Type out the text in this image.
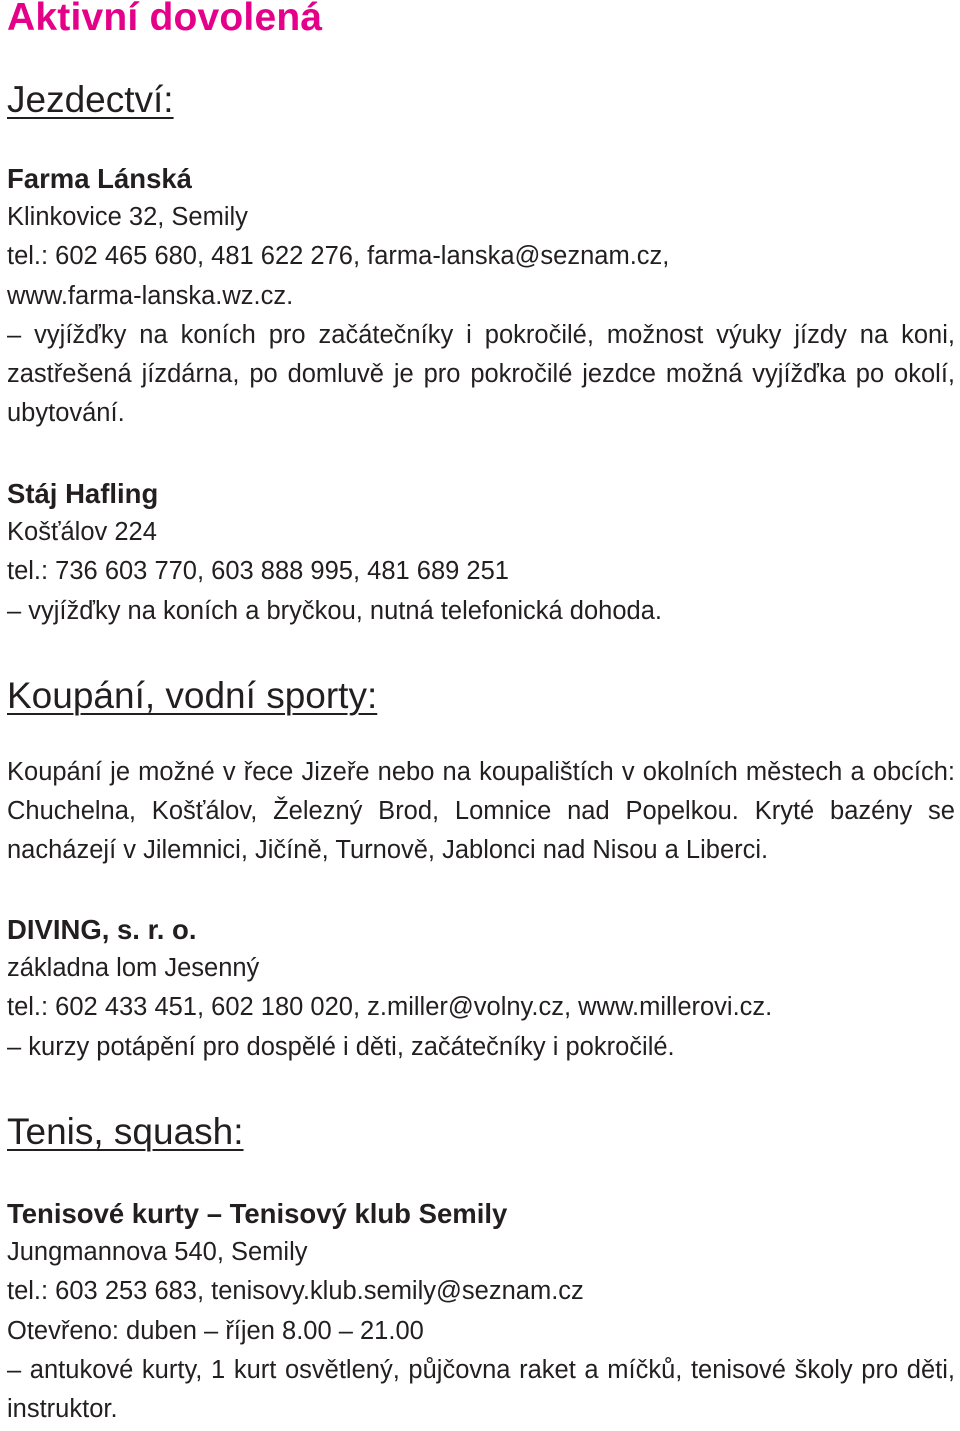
Aktivní dovolená
Jezdectví:

Farma Lánská

Klinkovice 32, Semily

tel.: 602 465 680, 481 622 276, farma-lanska@seznam.cz,

www.farma-lanska.wz.cz.

– vyjížďky na koních pro začátečníky i pokročilé, možnost výuky jízdy na koni, zastřešená jízdárna, po domluvě je pro pokročilé jezdce možná vyjížďka po okolí, ubytování.

Stáj Hafling

Košťálov 224

tel.: 736 603 770, 603 888 995, 481 689 251

– vyjížďky na koních a bryčkou, nutná telefonická dohoda.

Koupání, vodní sporty:

Koupání je možné v řece Jizeře nebo na koupalištích v okolních městech a obcích: Chuchelna, Košťálov, Železný Brod, Lomnice nad Popelkou. Kryté bazény se nacházejí v Jilemnici, Jičíně, Turnově, Jablonci nad Nisou a Liberci.

DIVING, s. r. o.

základna lom Jesenný

tel.: 602 433 451, 602 180 020, z.miller@volny.cz, www.millerovi.cz.

– kurzy potápění pro dospělé i děti, začátečníky i pokročilé.

Tenis, squash:

Tenisové kurty – Tenisový klub Semily

Jungmannova 540, Semily

tel.: 603 253 683, tenisovy.klub.semily@seznam.cz

Otevřeno: duben – říjen 8.00 – 21.00

– antukové kurty, 1 kurt osvětlený, půjčovna raket a míčků, tenisové školy pro děti, instruktor.
